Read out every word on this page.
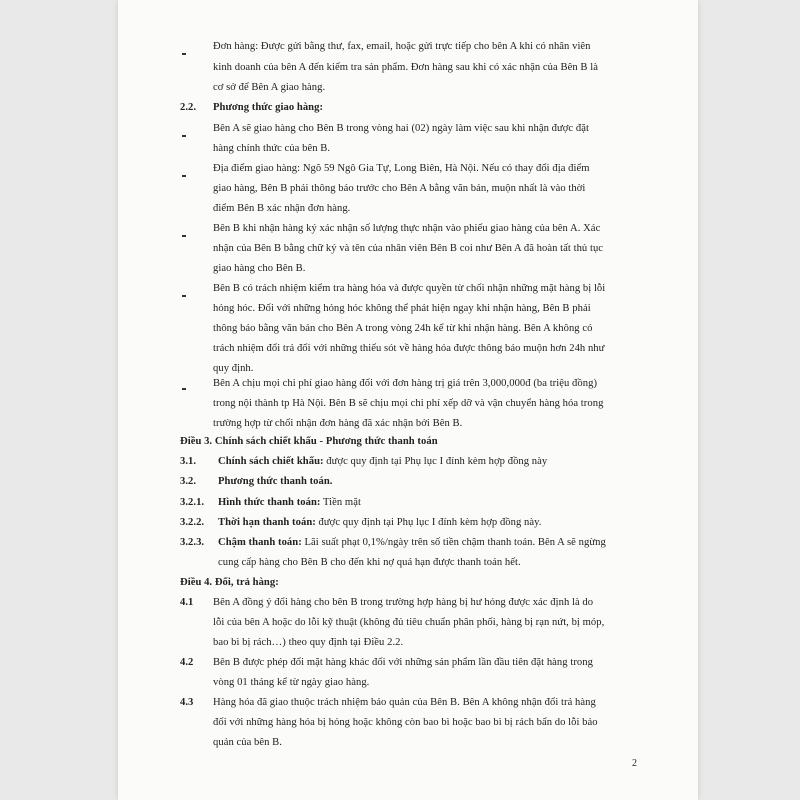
Đơn hàng: Được gửi bằng thư, fax, email, hoặc gửi trực tiếp cho bên A khi có nhân viên
kinh doanh của bên A đến kiểm tra sản phẩm. Đơn hàng sau khi có xác nhận của Bên B là
cơ sở để Bên A giao hàng.
2.2. Phương thức giao hàng:
Bên A sẽ giao hàng cho Bên B trong vòng hai (02) ngày làm việc sau khi nhận được đặt
hàng chính thức của bên B.
Địa điểm giao hàng: Ngõ 59 Ngô Gia Tự, Long Biên, Hà Nội. Nếu có thay đổi địa điểm
giao hàng, Bên B phải thông báo trước cho Bên A bằng văn bản, muộn nhất là vào thời
điểm Bên B xác nhận đơn hàng.
Bên B khi nhận hàng ký xác nhận số lượng thực nhận vào phiếu giao hàng của bên A. Xác
nhận của Bên B bằng chữ ký và tên của nhân viên Bên B coi như Bên A đã hoàn tất thủ tục
giao hàng cho Bên B.
Bên B có trách nhiệm kiểm tra hàng hóa và được quyền từ chối nhận những mặt hàng bị lỗi
hỏng hóc. Đối với những hỏng hóc không thể phát hiện ngay khi nhận hàng, Bên B phải
thông báo bằng văn bản cho Bên A trong vòng 24h kể từ khi nhận hàng. Bên A không có
trách nhiệm đổi trả đối với những thiếu sót về hàng hóa được thông báo muộn hơn 24h như
quy định.
Bên A chịu mọi chi phí giao hàng đối với đơn hàng trị giá trên 3,000,000đ (ba triệu đồng)
trong nội thành tp Hà Nội. Bên B sẽ chịu mọi chi phí xếp dỡ và vận chuyển hàng hóa trong
trường hợp từ chối nhận đơn hàng đã xác nhận bởi Bên B.
Điều 3. Chính sách chiết khấu - Phương thức thanh toán
3.1. Chính sách chiết khấu: được quy định tại Phụ lục I đính kèm hợp đồng này
3.2. Phương thức thanh toán.
3.2.1. Hình thức thanh toán: Tiền mặt
3.2.2. Thời hạn thanh toán: được quy định tại Phụ lục I đính kèm hợp đồng này.
3.2.3. Chậm thanh toán: Lãi suất phạt 0,1%/ngày trên số tiền chậm thanh toán. Bên A sẽ ngừng
cung cấp hàng cho Bên B cho đến khi nợ quá hạn được thanh toán hết.
Điều 4. Đổi, trả hàng:
4.1 Bên A đồng ý đổi hàng cho bên B trong trường hợp hàng bị hư hỏng được xác định là do
lỗi của bên A hoặc do lỗi kỹ thuật (không đủ tiêu chuẩn phân phối, hàng bị rạn nứt, bị móp,
bao bì bị rách…) theo quy định tại Điều 2.2.
4.2 Bên B được phép đổi mặt hàng khác đối với những sản phẩm lần đầu tiên đặt hàng trong
vòng 01 tháng kể từ ngày giao hàng.
4.3 Hàng hóa đã giao thuộc trách nhiệm bảo quản của Bên B. Bên A không nhận đổi trả hàng
đối với những hàng hóa bị hỏng hoặc không còn bao bì hoặc bao bì bị rách bẩn do lỗi bảo
quản của bên B.
2
